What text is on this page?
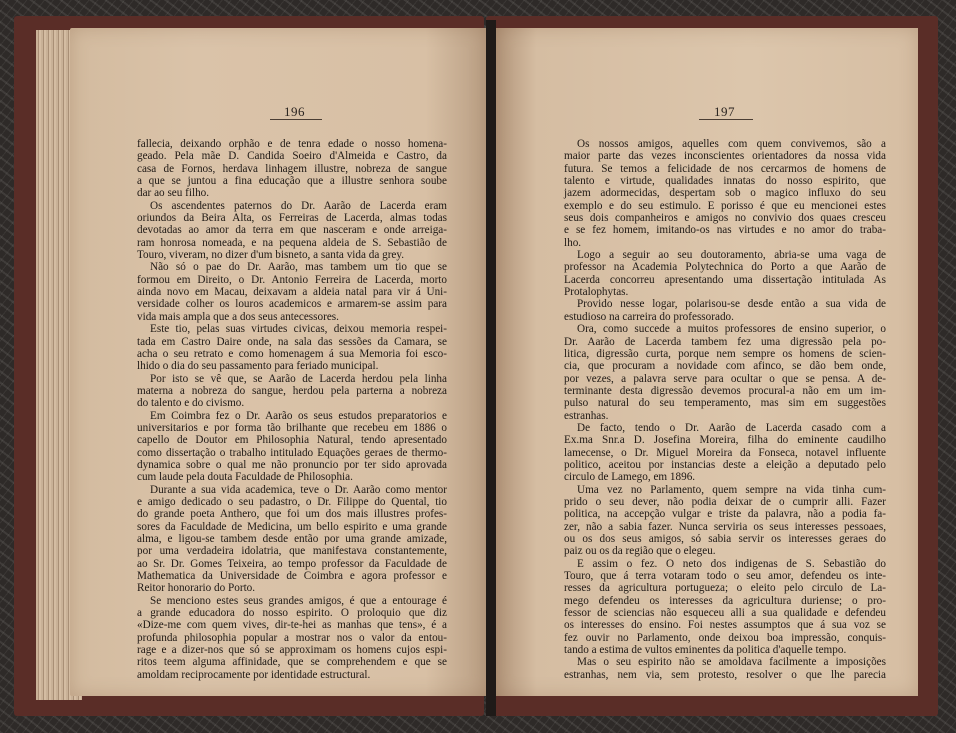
196	197
fallecia, deixando orphão e de tenra edade o nosso homena-
geado. Pela mãe D. Candida Soeiro d'Almeida e Castro, da
casa de Fornos, herdava linhagem illustre, nobreza de sangue
a que se juntou a fina educação que a illustre senhora soube
dar ao seu filho.
Os ascendentes paternos do Dr. Aarão de Lacerda eram
oriundos da Beira Alta, os Ferreiras de Lacerda, almas todas
devotadas ao amor da terra em que nasceram e onde arreiga-
ram honrosa nomeada, e na pequena aldeia de S. Sebastião de
Touro, viveram, no dizer d'um bisneto, a santa vida da grey.
Não só o pae do Dr. Aarão, mas tambem um tio que se
formou em Direito, o Dr. Antonio Ferreira de Lacerda, morto
ainda novo em Macau, deixavam a aldeia natal para vir á Uni-
versidade colher os louros academicos e armarem-se assim para
vida mais ampla que a dos seus antecessores.
Este tio, pelas suas virtudes civicas, deixou memoria respei-
tada em Castro Daire onde, na sala das sessões da Camara, se
acha o seu retrato e como homenagem á sua Memoria foi esco-
lhido o dia do seu passamento para feriado municipal.
Por isto se vê que, se Aarão de Lacerda herdou pela linha
materna a nobreza do sangue, herdou pela parterna a nobreza
do talento e do civismo.
Em Coimbra fez o Dr. Aarão os seus estudos preparatorios e
universitarios e por forma tão brilhante que recebeu em 1886 o
capello de Doutor em Philosophia Natural, tendo apresentado
como dissertação o trabalho intitulado Equações geraes de thermo-
dynamica sobre o qual me não pronuncio por ter sido aprovada
cum laude pela douta Faculdade de Philosophia.
Durante a sua vida academica, teve o Dr. Aarão como mentor
e amigo dedicado o seu padastro, o Dr. Filippe do Quental, tio
do grande poeta Anthero, que foi um dos mais illustres profes-
sores da Faculdade de Medicina, um bello espirito e uma grande
alma, e ligou-se tambem desde então por uma grande amizade,
por uma verdadeira idolatria, que manifestava constantemente,
ao Sr. Dr. Gomes Teixeira, ao tempo professor da Faculdade de
Mathematica da Universidade de Coimbra e agora professor e
Reitor honorario do Porto.
Se menciono estes seus grandes amigos, é que a entourage é
a grande educadora do nosso espirito. O proloquio que diz
«Dize-me com quem vives, dir-te-hei as manhas que tens», é a
profunda philosophia popular a mostrar nos o valor da entou-
rage e a dizer-nos que só se approximam os homens cujos espi-
ritos teem alguma affinidade, que se comprehendem e que se
amoldam reciprocamente por identidade estructural.
Os nossos amigos, aquelles com quem convivemos, são a
maior parte das vezes inconscientes orientadores da nossa vida
futura. Se temos a felicidade de nos cercarmos de homens de
talento e virtude, qualidades innatas do nosso espirito, que
jazem adormecidas, despertam sob o magico influxo do seu
exemplo e do seu estimulo. E porisso é que eu mencionei estes
seus dois companheiros e amigos no convivio dos quaes cresceu
e se fez homem, imitando-os nas virtudes e no amor do traba-
lho.
Logo a seguir ao seu doutoramento, abria-se uma vaga de
professor na Academia Polytechnica do Porto a que Aarão de
Lacerda concorreu apresentando uma dissertação intitulada As
Protalophytas.
Provido nesse logar, polarisou-se desde então a sua vida de
estudioso na carreira do professorado.
Ora, como succede a muitos professores de ensino superior, o
Dr. Aarão de Lacerda tambem fez uma digressão pela po-
litica, digressão curta, porque nem sempre os homens de scien-
cia, que procuram a novidade com afinco, se dão bem onde,
por vezes, a palavra serve para ocultar o que se pensa. A de-
terminante desta digressão devemos procural-a não em um im-
pulso natural do seu temperamento, mas sim em suggestões
estranhas.
De facto, tendo o Dr. Aarão de Lacerda casado com a
Ex.ma Snr.a D. Josefina Moreira, filha do eminente caudilho
lamecense, o Dr. Miguel Moreira da Fonseca, notavel influente
politico, aceitou por instancias deste a eleição a deputado pelo
circulo de Lamego, em 1896.
Uma vez no Parlamento, quem sempre na vida tinha cum-
prido o seu dever, não podia deixar de o cumprir alli. Fazer
politica, na accepção vulgar e triste da palavra, não a podia fa-
zer, não a sabia fazer. Nunca serviria os seus interesses pessoaes,
ou os dos seus amigos, só sabia servir os interesses geraes do
paiz ou os da região que o elegeu.
E assim o fez. O neto dos indigenas de S. Sebastião do
Touro, que á terra votaram todo o seu amor, defendeu os inte-
resses da agricultura portugueza; o eleito pelo circulo de La-
mego defendeu os interesses da agricultura duriense; o pro-
fessor de sciencias não esqueceu alli a sua qualidade e defendeu
os interesses do ensino. Foi nestes assumptos que á sua voz se
fez ouvir no Parlamento, onde deixou boa impressão, conquis-
tando a estima de vultos eminentes da politica d'aquelle tempo.
Mas o seu espirito não se amoldava facilmente a imposições
estranhas, nem via, sem protesto, resolver o que lhe parecia
